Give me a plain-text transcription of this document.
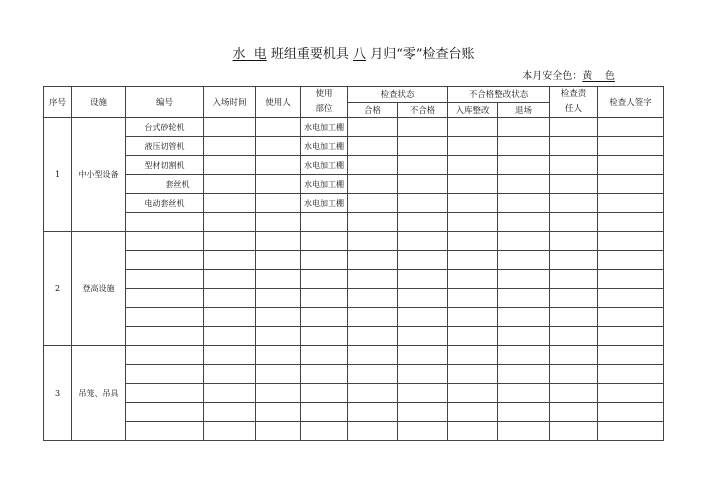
水  电 班组重要机具 八 月归“零”检查台账
本月安全色：黄    色
序号	设施	编号	入场时间	使用人	使用部位	检查状态		不合格整改状态		检查责任人	检查人签字
						合格	不合格	入库整改	退场		
1	中小型设备	台式砂轮机			水电加工棚						
		液压切管机			水电加工棚						
		型材切割机			水电加工棚						
		套丝机			水电加工棚						
		电动套丝机			水电加工棚						

2	登高设施										

3	吊笼、吊具										
